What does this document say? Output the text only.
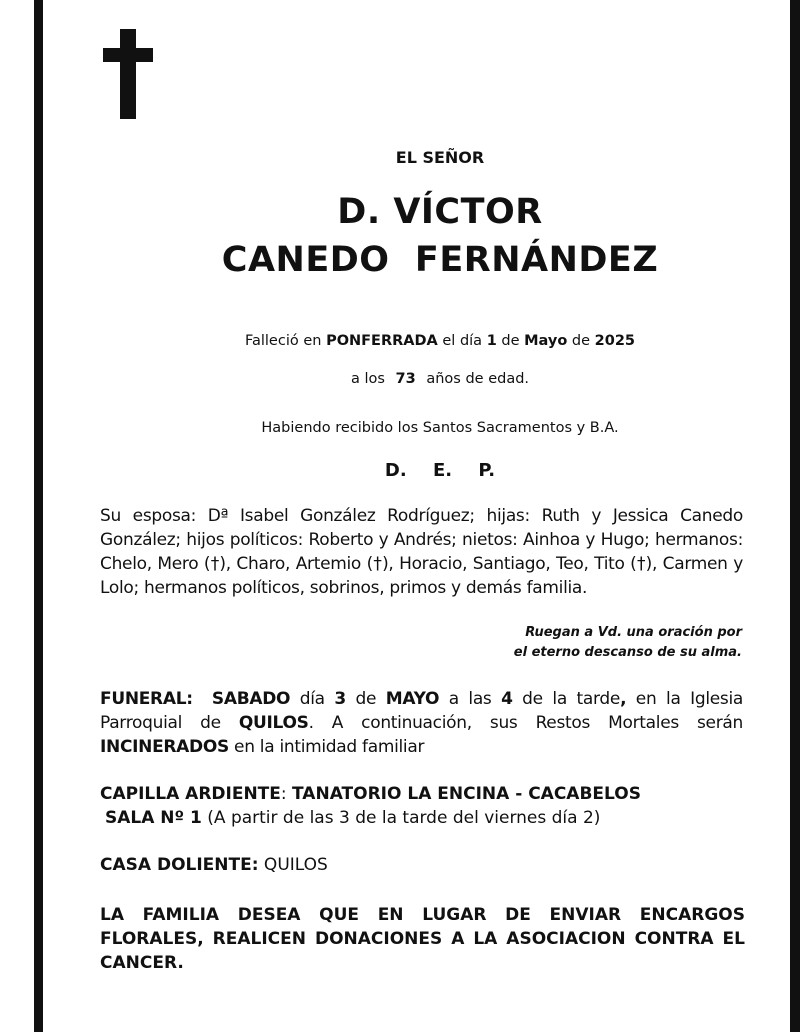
EL SEÑOR
D. VÍCTOR
CANEDO  FERNÁNDEZ
Falleció en PONFERRADA el día 1 de Mayo de 2025
a los 73 años de edad.
Habiendo recibido los Santos Sacramentos y B.A.
D. E. P.
Su esposa: Dª Isabel González Rodríguez; hijas: Ruth y Jessica Canedo González; hijos políticos: Roberto y Andrés; nietos: Ainhoa y Hugo; hermanos: Chelo, Mero (†), Charo, Artemio (†), Horacio, Santiago, Teo, Tito (†), Carmen y Lolo; hermanos políticos, sobrinos, primos y demás familia.
Ruegan a Vd. una oración por
el eterno descanso de su alma.
FUNERAL: SABADO día 3 de MAYO a las 4 de la tarde, en la Iglesia Parroquial de QUILOS. A continuación, sus Restos Mortales serán INCINERADOS en la intimidad familiar
CAPILLA ARDIENTE: TANATORIO LA ENCINA - CACABELOS
SALA Nº 1 (A partir de las 3 de la tarde del viernes día 2)
CASA DOLIENTE: QUILOS
LA FAMILIA DESEA QUE EN LUGAR DE ENVIAR ENCARGOS FLORALES, REALICEN DONACIONES A LA ASOCIACION CONTRA EL CANCER.
